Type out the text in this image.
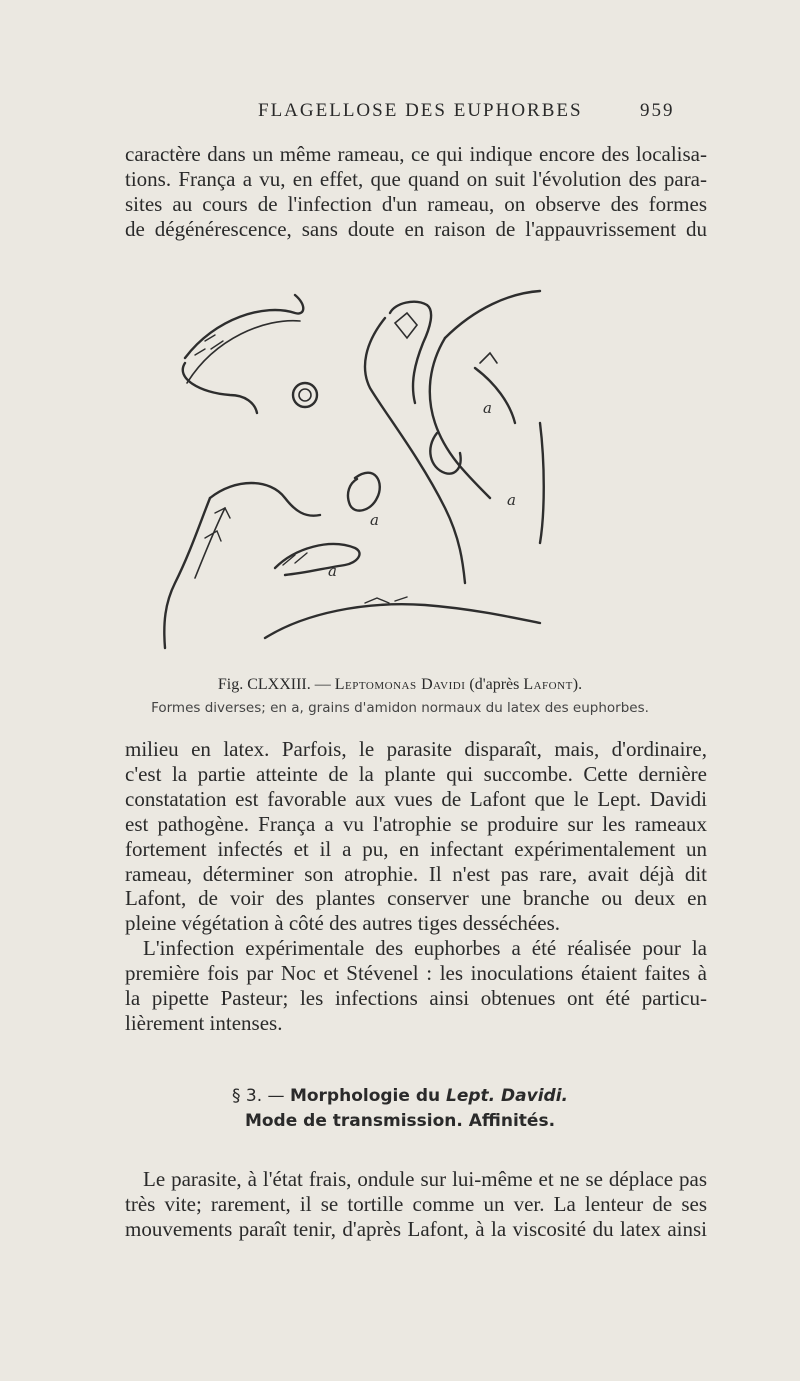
FLAGELLOSE DES EUPHORBES	959
caractère dans un même rameau, ce qui indique encore des localisa-
tions. França a vu, en effet, que quand on suit l'évolution des para-
sites au cours de l'infection d'un rameau, on observe des formes
de dégénérescence, sans doute en raison de l'appauvrissement du
a
a
a
a
Fig. CLXXIII. — Leptomonas Davidi (d'après Lafont).
Formes diverses; en a, grains d'amidon normaux du latex des euphorbes.
milieu en latex. Parfois, le parasite disparaît, mais, d'ordinaire,
c'est la partie atteinte de la plante qui succombe. Cette dernière
constatation est favorable aux vues de Lafont que le Lept. Davidi
est pathogène. França a vu l'atrophie se produire sur les rameaux
fortement infectés et il a pu, en infectant expérimentalement un
rameau, déterminer son atrophie. Il n'est pas rare, avait déjà dit
Lafont, de voir des plantes conserver une branche ou deux en
pleine végétation à côté des autres tiges desséchées.
L'infection expérimentale des euphorbes a été réalisée pour la
première fois par Noc et Stévenel : les inoculations étaient faites à
la pipette Pasteur; les infections ainsi obtenues ont été particu-
lièrement intenses.
§ 3. — Morphologie du Lept. Davidi.
Mode de transmission. Affinités.
Le parasite, à l'état frais, ondule sur lui-même et ne se déplace pas
très vite; rarement, il se tortille comme un ver. La lenteur de ses
mouvements paraît tenir, d'après Lafont, à la viscosité du latex ainsi
